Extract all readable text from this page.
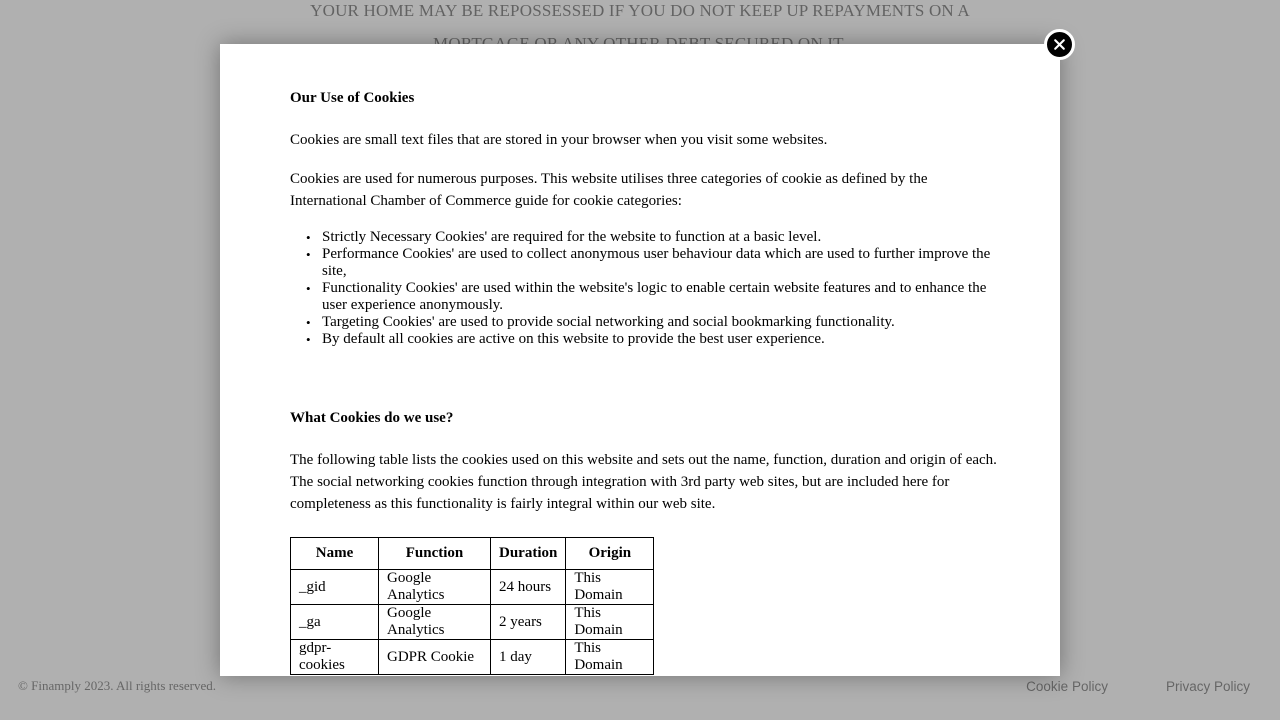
Our Use of Cookies

Cookies are small text files that are stored in your browser when you visit some websites.

Cookies are used for numerous purposes. This website utilises three categories of cookie as defined by the International Chamber of Commerce guide for cookie categories:

• Strictly Necessary Cookies' are required for the website to function at a basic level.
• Performance Cookies' are used to collect anonymous user behaviour data which are used to further improve the site,
• Functionality Cookies' are used within the website's logic to enable certain website features and to enhance the user experience anonymously.
• Targeting Cookies' are used to provide social networking and social bookmarking functionality.
• By default all cookies are active on this website to provide the best user experience.
What Cookies do we use?

The following table lists the cookies used on this website and sets out the name, function, duration and origin of each. The social networking cookies function through integration with 3rd party web sites, but are included here for completeness as this functionality is fairly integral within our web site.

Name	Function	Duration	Origin
_gid	Google Analytics	24 hours	This Domain
_ga	Google Analytics	2 years	This Domain
gdpr-cookies	GDPR Cookie	1 day	This Domain
